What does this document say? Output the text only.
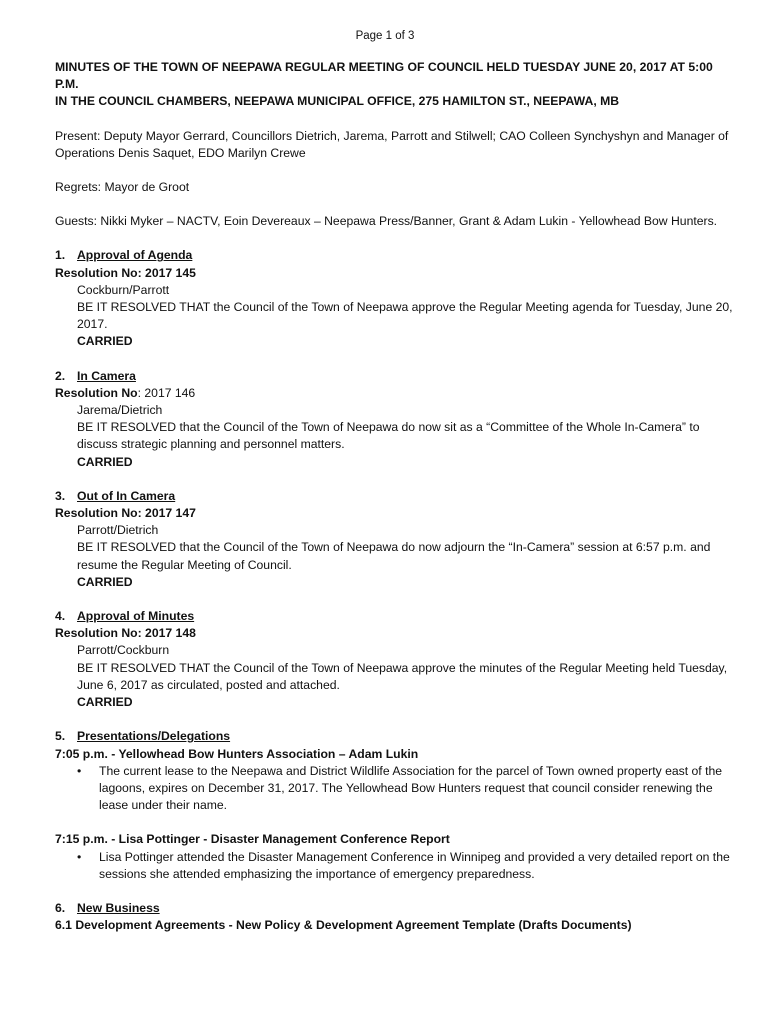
Page 1 of 3
MINUTES OF THE TOWN OF NEEPAWA REGULAR MEETING OF COUNCIL HELD TUESDAY JUNE 20, 2017 AT 5:00 P.M.
IN THE COUNCIL CHAMBERS, NEEPAWA MUNICIPAL OFFICE, 275 HAMILTON ST., NEEPAWA, MB

Present: Deputy Mayor Gerrard, Councillors Dietrich, Jarema, Parrott and Stilwell; CAO Colleen Synchyshyn and Manager of Operations Denis Saquet, EDO Marilyn Crewe

Regrets: Mayor de Groot

Guests: Nikki Myker – NACTV, Eoin Devereaux – Neepawa Press/Banner, Grant & Adam Lukin - Yellowhead Bow Hunters.

1. Approval of Agenda
Resolution No: 2017 145
Cockburn/Parrott
BE IT RESOLVED THAT the Council of the Town of Neepawa approve the Regular Meeting agenda for Tuesday, June 20, 2017.
CARRIED
2. In Camera
Resolution No: 2017 146
Jarema/Dietrich
BE IT RESOLVED that the Council of the Town of Neepawa do now sit as a “Committee of the Whole In-Camera” to discuss strategic planning and personnel matters.
CARRIED
3. Out of In Camera
Resolution No: 2017 147
Parrott/Dietrich
BE IT RESOLVED that the Council of the Town of Neepawa do now adjourn the “In-Camera” session at 6:57 p.m. and resume the Regular Meeting of Council.
CARRIED
4. Approval of Minutes
Resolution No: 2017 148
Parrott/Cockburn
BE IT RESOLVED THAT the Council of the Town of Neepawa approve the minutes of the Regular Meeting held Tuesday, June 6, 2017 as circulated, posted and attached.
CARRIED
5. Presentations/Delegations
7:05 p.m. - Yellowhead Bow Hunters Association – Adam Lukin
• The current lease to the Neepawa and District Wildlife Association for the parcel of Town owned property east of the lagoons, expires on December 31, 2017. The Yellowhead Bow Hunters request that council consider renewing the lease under their name.
7:15 p.m. - Lisa Pottinger - Disaster Management Conference Report
• Lisa Pottinger attended the Disaster Management Conference in Winnipeg and provided a very detailed report on the sessions she attended emphasizing the importance of emergency preparedness.
6. New Business
6.1 Development Agreements - New Policy & Development Agreement Template (Drafts Documents)
